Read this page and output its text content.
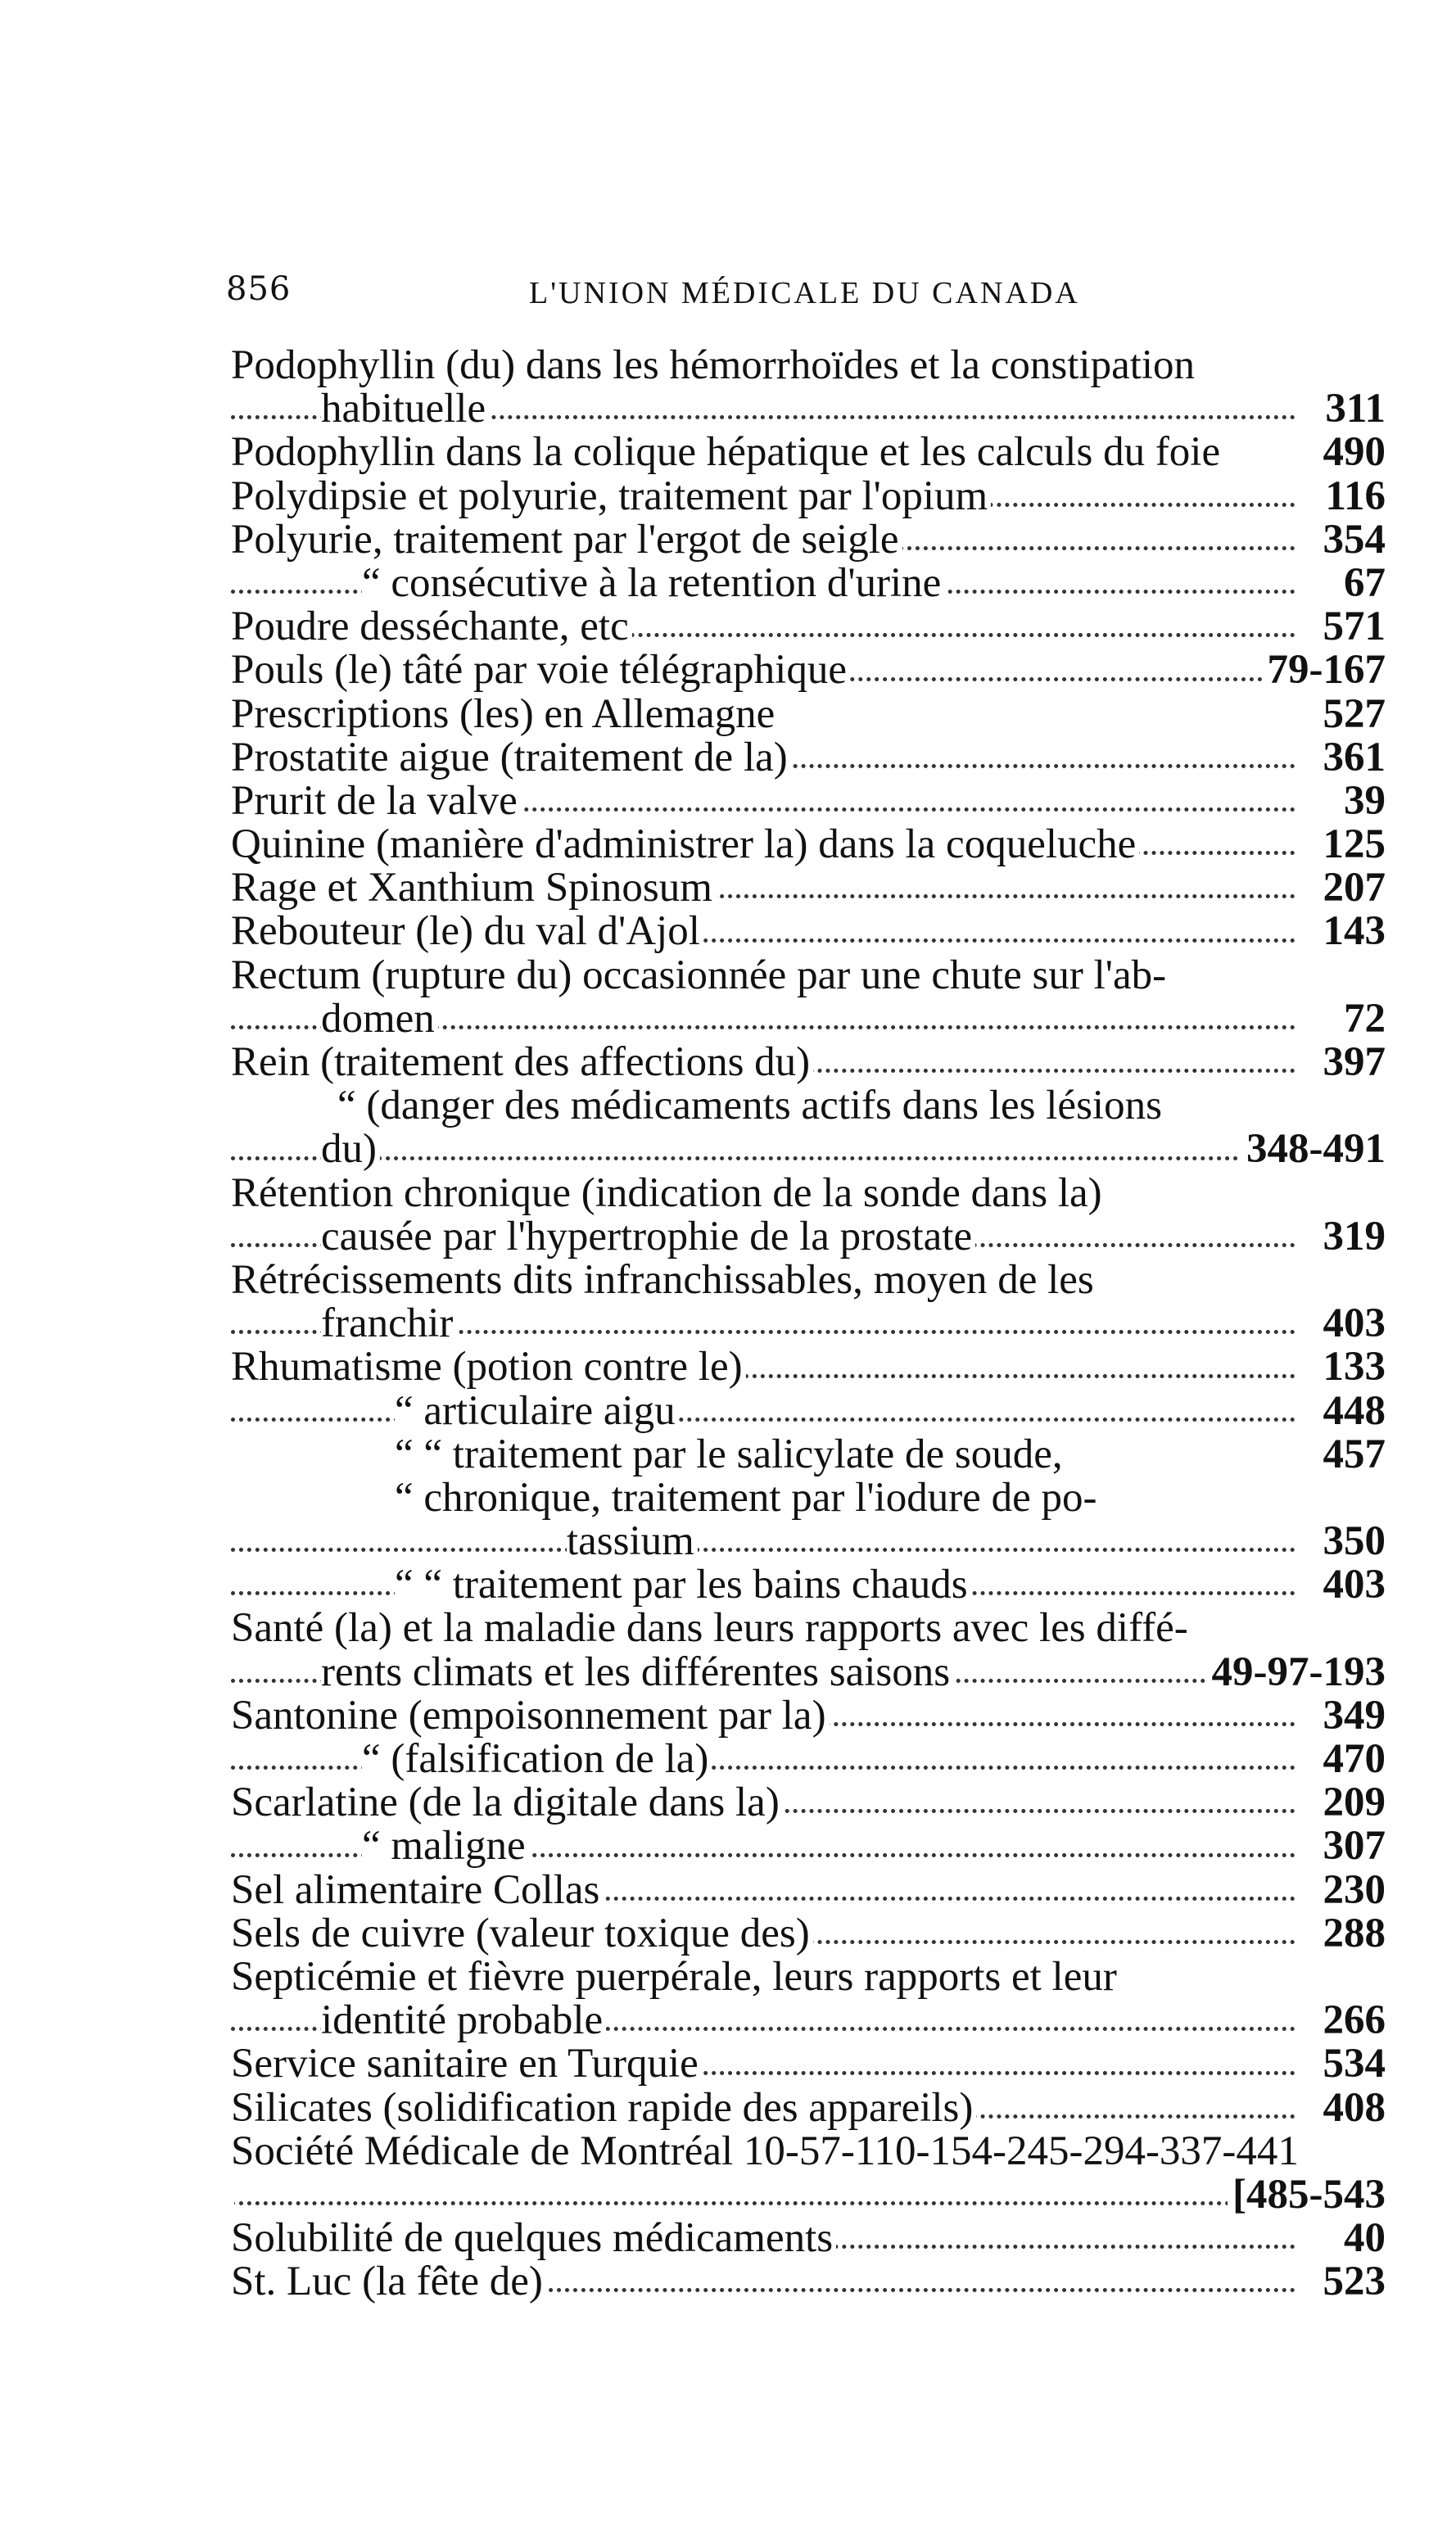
856	L'UNION MÉDICALE DU CANADA
Podophyllin (du) dans les hémorrhoïdes et la constipation
habituelle	311
Podophyllin dans la colique hépatique et les calculs du foie 490
Polydipsie et polyurie, traitement par l'opium	116
Polyurie, traitement par l'ergot de seigle	354
“ consécutive à la retention d'urine	67
Poudre desséchante, etc	571
Pouls (le) tâté par voie télégraphique	79-167
Prescriptions (les) en Allemagne	527
Prostatite aigue (traitement de la)	361
Prurit de la valve	39
Quinine (manière d'administrer la) dans la coqueluche	125
Rage et Xanthium Spinosum	207
Rebouteur (le) du val d'Ajol	143
Rectum (rupture du) occasionnée par une chute sur l'ab-
domen	72
Rein (traitement des affections du)	397
“ (danger des médicaments actifs dans les lésions
du)	348-491
Rétention chronique (indication de la sonde dans la)
causée par l'hypertrophie de la prostate	319
Rétrécissements dits infranchissables, moyen de les
franchir	403
Rhumatisme (potion contre le)	133
“ articulaire aigu	448
“ “ traitement par le salicylate de soude,	457
“ chronique, traitement par l'iodure de po-
tassium	350
“ “ traitement par les bains chauds	403
Santé (la) et la maladie dans leurs rapports avec les diffé-
rents climats et les différentes saisons	49-97-193
Santonine (empoisonnement par la)	349
“ (falsification de la)	470
Scarlatine (de la digitale dans la)	209
“ maligne	307
Sel alimentaire Collas	230
Sels de cuivre (valeur toxique des)	288
Septicémie et fièvre puerpérale, leurs rapports et leur
identité probable	266
Service sanitaire en Turquie	534
Silicates (solidification rapide des appareils)	408
Société Médicale de Montréal 10-57-110-154-245-294-337-441
[485-543
Solubilité de quelques médicaments	40
St. Luc (la fête de)	523
